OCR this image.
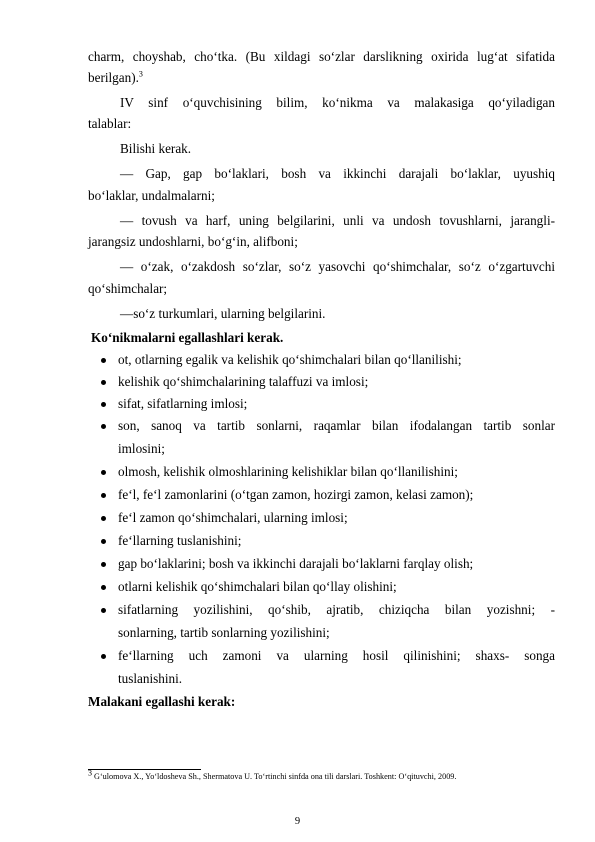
charm, choyshab, cho‘tka. (Bu xildagi so‘zlar darslikning oxirida lug‘at sifatida
berilgan).$^3$
IV sinf o‘quvchisining bilim, ko‘nikma va malakasiga qo‘yiladigan
talablar:
Bilishi kerak.
— Gap, gap bo‘laklari, bosh va ikkinchi darajali bo‘laklar, uyushiq
bo‘laklar, undalmalarni;
— tovush va harf, uning belgilarini, unli va undosh tovushlarni, jarangli-
jarangsiz undoshlarni, bo‘g‘in, alifboni;
— o‘zak, o‘zakdosh so‘zlar, so‘z yasovchi qo‘shimchalar, so‘z o‘zgartuvchi
qo‘shimchalar;
—so‘z turkumlari, ularning belgilarini.
Ko‘nikmalarni egallashlari kerak.
ot, otlarning egalik va kelishik qo‘shimchalari bilan qo‘llanilishi;
kelishik qo‘shimchalarining talaffuzi va imlosi;
sifat, sifatlarning imlosi;
son, sanoq va tartib sonlarni, raqamlar bilan ifodalangan tartib sonlar
imlosini;
olmosh, kelishik olmoshlarining kelishiklar bilan qo‘llanilishini;
fe‘l, fe‘l zamonlarini (o‘tgan zamon, hozirgi zamon, kelasi zamon);
fe‘l zamon qo‘shimchalari, ularning imlosi;
fe‘llarning tuslanishini;
gap bo‘laklarini; bosh va ikkinchi darajali bo‘laklarni farqlay olish;
otlarni kelishik qo‘shimchalari bilan qo‘llay olishini;
sifatlarning yozilishini, qo‘shib, ajratib, chiziqcha bilan yozishni; -
sonlarning, tartib sonlarning yozilishini;
fe‘llarning uch zamoni va ularning hosil qilinishini; shaxs- songa
tuslanishini.
Malakani egallashi kerak:
$^3$ G‘ulomova X., Yo‘ldosheva Sh., Shermatova U. To‘rtinchi sinfda ona tili darslari. Toshkent: O‘qituvchi, 2009.
9
